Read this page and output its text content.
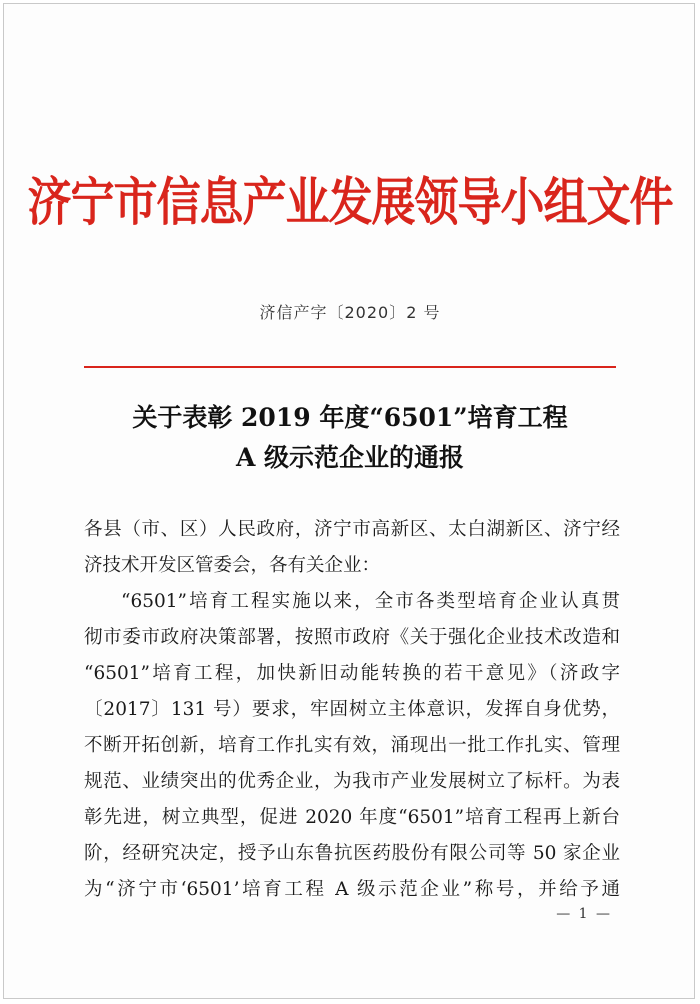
济宁市信息产业发展领导小组文件
济信产字〔2020〕2 号
关于表彰 2019 年度“6501”培育工程
A 级示范企业的通报
各县（市、区）人民政府，济宁市高新区、太白湖新区、济宁经
济技术开发区管委会，各有关企业：
“6501”培育工程实施以来，全市各类型培育企业认真贯
彻市委市政府决策部署，按照市政府《关于强化企业技术改造和
“6501”培育工程，加快新旧动能转换的若干意见》（济政字
〔2017〕131 号）要求，牢固树立主体意识，发挥自身优势，
不断开拓创新，培育工作扎实有效，涌现出一批工作扎实、管理
规范、业绩突出的优秀企业，为我市产业发展树立了标杆。为表
彰先进，树立典型，促进 2020 年度“6501”培育工程再上新台
阶，经研究决定，授予山东鲁抗医药股份有限公司等 50 家企业
为“济宁市‘6501’培育工程 A 级示范企业”称号，并给予通
— 1 —
